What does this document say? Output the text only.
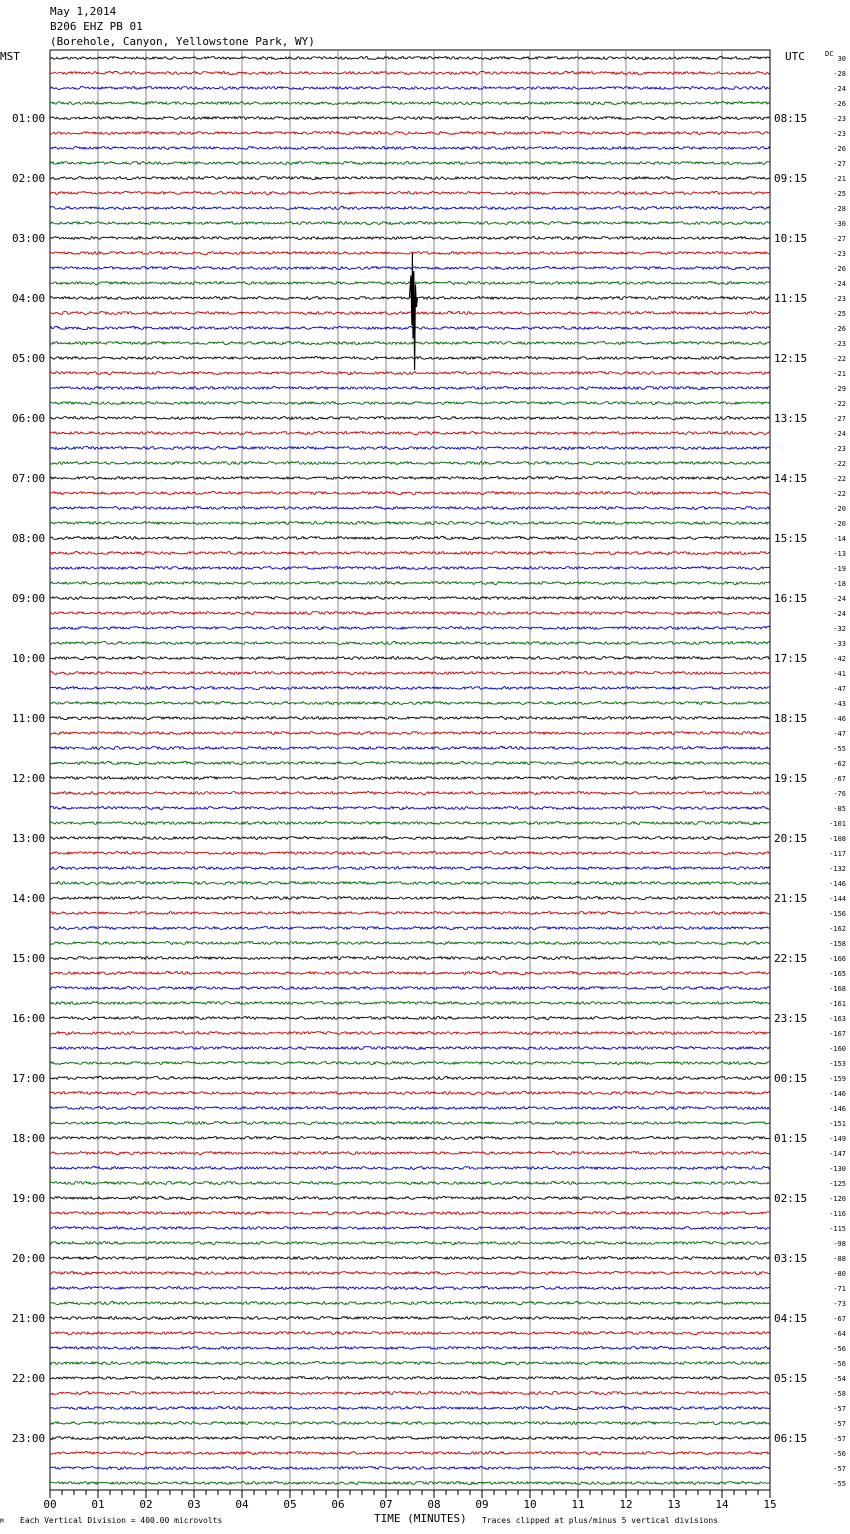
May 1,2014
B206 EHZ PB 01
(Borehole, Canyon, Yellowstone Park, WY)
MST	UTC	DC
01:00
02:00
03:00
04:00
05:00
06:00
07:00
08:00
09:00
10:00
11:00
12:00
13:00
14:00
15:00
16:00
17:00
18:00
19:00
20:00
21:00
22:00
23:00
08:15
09:15
10:15
11:15
12:15
13:15
14:15
15:15
16:15
17:15
18:15
19:15
20:15
21:15
22:15
23:15
00:15
01:15
02:15
03:15
04:15
05:15
06:15
30
-28
-24
-26
-23
-23
-26
-27
-21
-25
-28
-30
-27
-23
-26
-24
-23
-25
-26
-23
-22
-21
-29
-22
-27
-24
-23
-22
-22
-22
-20
-20
-14
-13
-19
-18
-24
-24
-32
-33
-42
-41
-47
-43
-46
-47
-55
-62
-67
-76
-85
-101
-108
-117
-132
-146
-144
-156
-162
-158
-166
-165
-168
-161
-163
-167
-160
-153
-159
-146
-146
-151
-149
-147
-130
-125
-120
-116
-115
-98
-88
-80
-71
-73
-67
-64
-56
-56
-54
-58
-57
-57
-57
-56
-57
-55
00	01	02	03	04	05	06	07	08	09	10	11	12	13	14	15
M Each Vertical Division = 400.00 microvolts	TIME (MINUTES) Traces clipped at plus/minus 5 vertical divisions
